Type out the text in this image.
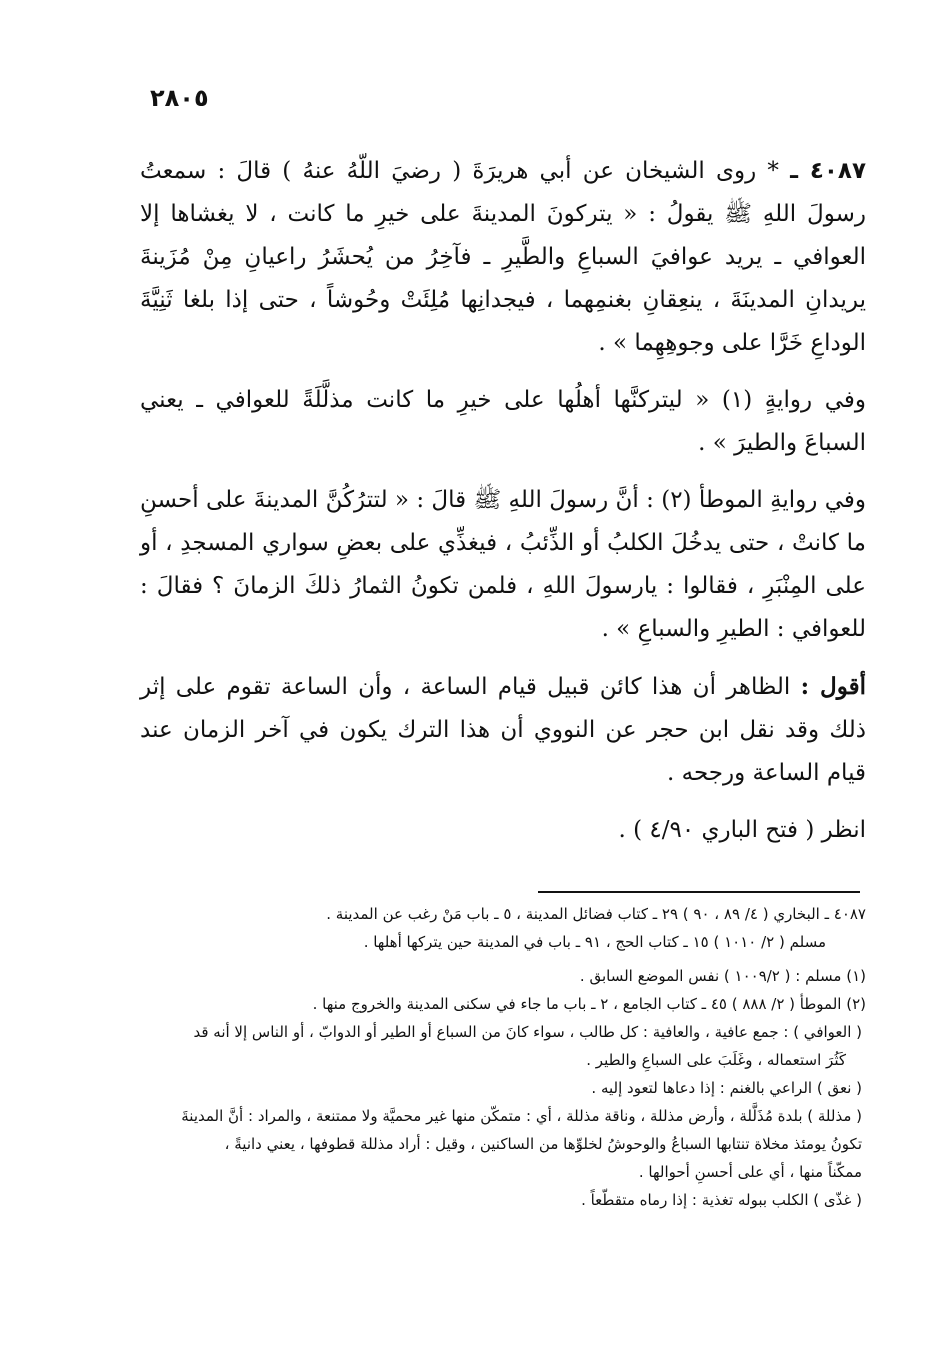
٢٨٠٥

٤٠٨٧ ـ * روى الشيخان عن أبي هريرَةَ ( رضيَ اللّهُ عنهُ ) قالَ : سمعتُ رسولَ اللهِ ﷺ يقولُ : « يتركونَ المدينةَ على خيرِ ما كانت ، لا يغشاها إلا العوافي ـ يريد عوافيَ السباعِ والطَّيرِ ـ فآخِرُ من يُحشَرُ راعيانِ مِنْ مُزَينةَ يريدانِ المدينَةَ ، ينعِقانِ بغنمِهما ، فيجدانِها مُلِئَتْ وحُوشاً ، حتى إذا بلغا ثَنِيَّةَ الوداعِ خَرَّا على وجوهِهِما » .

وفي روايةٍ (١) « ليتركنَّها أهلُها على خيرِ ما كانت مذلَّلَةً للعوافي ـ يعني السباعَ والطيرَ » .

وفي روايةِ الموطأ (٢) : أنَّ رسولَ اللهِ ﷺ قالَ : « لتترُكُنَّ المدينةَ على أحسنِ ما كانتْ ، حتى يدخُلَ الكلبُ أو الذِّئبُ ، فيغذِّي على بعضِ سواري المسجدِ ، أو على المِنْبَرِ ، فقالوا : يارسولَ اللهِ ، فلمن تكونُ الثمارُ ذلكَ الزمانَ ؟ فقالَ : للعوافي : الطيرِ والسباعِ » .

أقول : الظاهر أن هذا كائن قبيل قيام الساعة ، وأن الساعة تقوم على إثر ذلك وقد نقل ابن حجر عن النووي أن هذا الترك يكون في آخر الزمان عند قيام الساعة ورجحه .

انظر ( فتح الباري ٤/٩٠ ) .

٤٠٨٧ ـ البخاري ( ٤/ ٨٩ ، ٩٠ ) ٢٩ ـ كتاب فضائل المدينة ، ٥ ـ باب مَنْ رغب عن المدينة .

مسلم ( ٢/ ١٠١٠ ) ١٥ ـ كتاب الحج ، ٩١ ـ باب في المدينة حين يتركها أهلها .

(١) مسلم : ( ١٠٠٩/٢ ) نفس الموضع السابق .

(٢) الموطأ ( ٢/ ٨٨٨ ) ٤٥ ـ كتاب الجامع ، ٢ ـ باب ما جاء في سكنى المدينة والخروج منها .

( العوافي ) : جمع عافية ، والعافية : كل طالب ، سواء كانَ من السباع أو الطير أو الدوابّ ، أو الناس إلا أنه قد

كَثُرَ استعماله ، وغَلَبَ على السباعِ والطير .

( نعق ) الراعي بالغنم : إذا دعاها لتعود إليه .

( مذللة ) بلدة مُذَلَّلة ، وأرض مذللة ، وناقة مذللة ، أي : متمكّن منها غير محميَّة ولا ممتنعة ، والمراد : أنَّ المدينةَ

تكونُ يومئذ مخلاة تنتابها السباعُ والوحوشُ لخلوِّها من الساكنين ، وقيل : أراد مذللة قطوفها ، يعني دانيةً ،

ممكّناً منها ، أي على أحسنِ أحوالها .

( غذّى ) الكلب ببوله تغذية : إذا رماه متقطّعاً .
